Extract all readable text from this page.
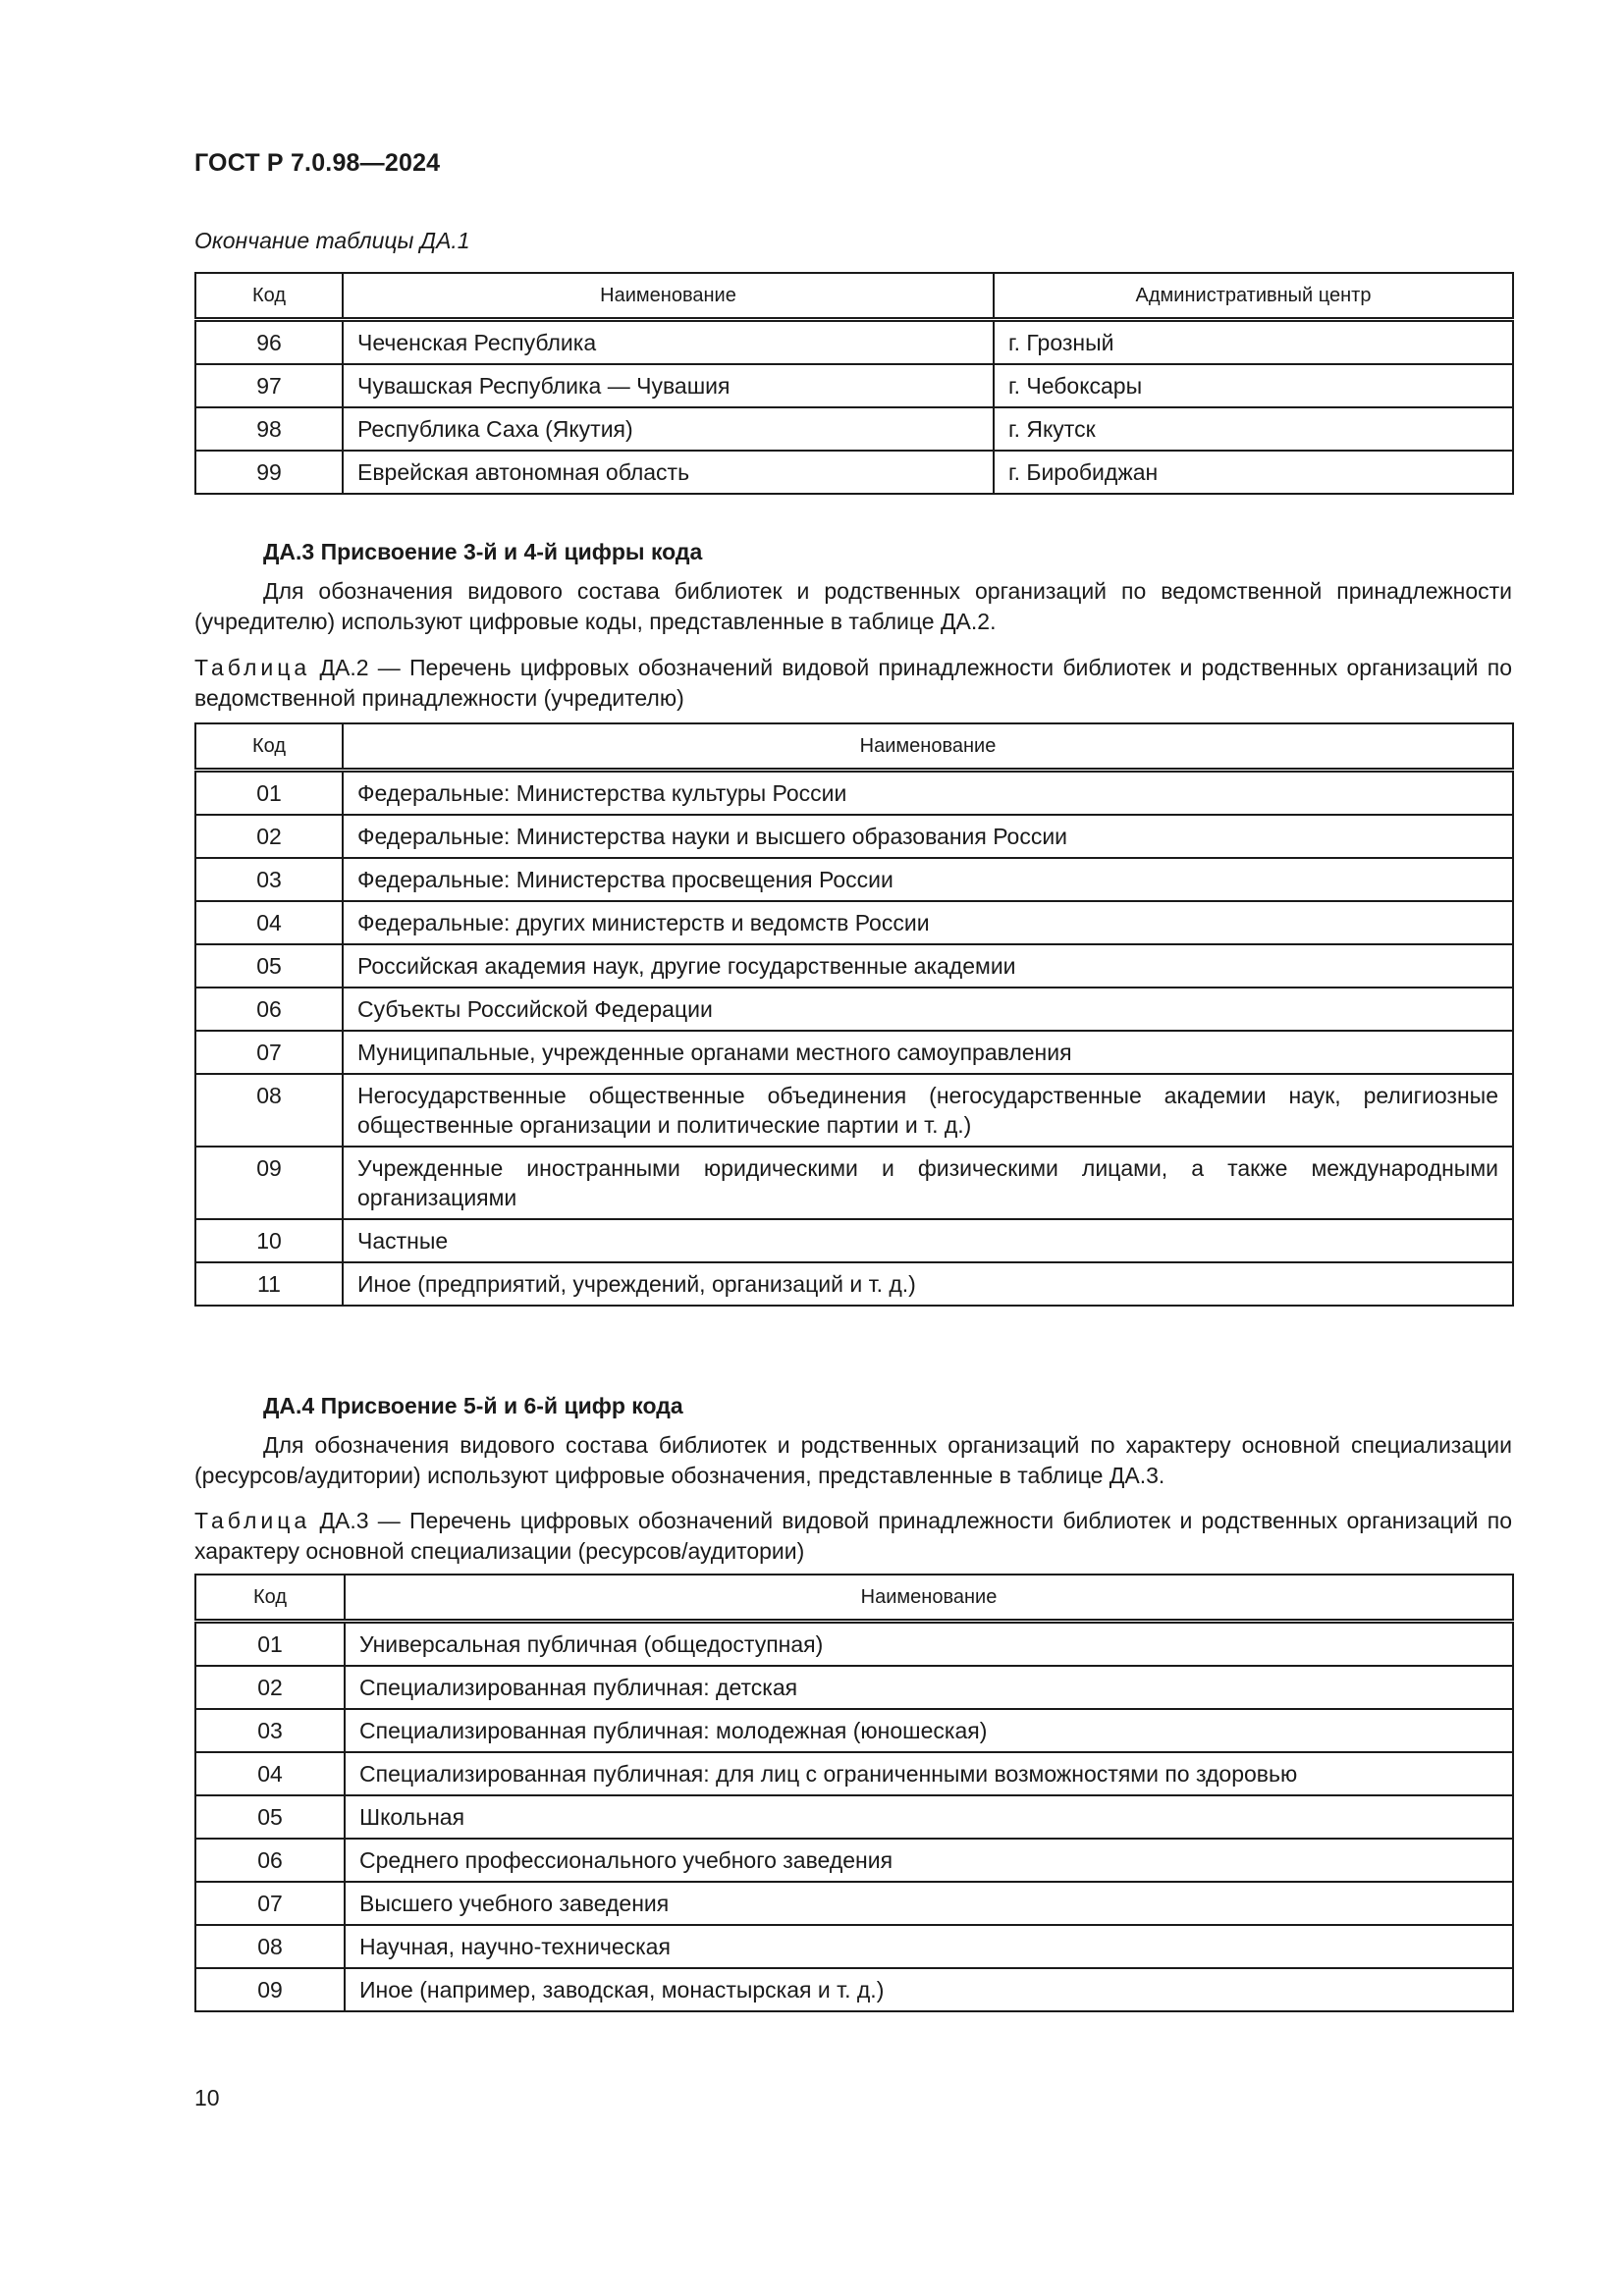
ГОСТ Р 7.0.98—2024
Окончание таблицы ДА.1
Код	Наименование	Административный центр
96	Чеченская Республика	г. Грозный
97	Чувашская Республика — Чувашия	г. Чебоксары
98	Республика Саха (Якутия)	г. Якутск
99	Еврейская автономная область	г. Биробиджан
ДА.3 Присвоение 3-й и 4-й цифры кода
Для обозначения видового состава библиотек и родственных организаций по ведомственной принадлежности (учредителю) используют цифровые коды, представленные в таблице ДА.2.
Таблица ДА.2 — Перечень цифровых обозначений видовой принадлежности библиотек и родственных организаций по ведомственной принадлежности (учредителю)
Код	Наименование
01	Федеральные: Министерства культуры России
02	Федеральные: Министерства науки и высшего образования России
03	Федеральные: Министерства просвещения России
04	Федеральные: других министерств и ведомств России
05	Российская академия наук, другие государственные академии
06	Субъекты Российской Федерации
07	Муниципальные, учрежденные органами местного самоуправления
08	Негосударственные общественные объединения (негосударственные академии наук, религиозные общественные организации и политические партии и т. д.)
09	Учрежденные иностранными юридическими и физическими лицами, а также международными организациями
10	Частные
11	Иное (предприятий, учреждений, организаций и т. д.)
ДА.4 Присвоение 5-й и 6-й цифр кода
Для обозначения видового состава библиотек и родственных организаций по характеру основной специализации (ресурсов/аудитории) используют цифровые обозначения, представленные в таблице ДА.3.
Таблица ДА.3 — Перечень цифровых обозначений видовой принадлежности библиотек и родственных организаций по характеру основной специализации (ресурсов/аудитории)
Код	Наименование
01	Универсальная публичная (общедоступная)
02	Специализированная публичная: детская
03	Специализированная публичная: молодежная (юношеская)
04	Специализированная публичная: для лиц с ограниченными возможностями по здоровью
05	Школьная
06	Среднего профессионального учебного заведения
07	Высшего учебного заведения
08	Научная, научно-техническая
09	Иное (например, заводская, монастырская и т. д.)
10
